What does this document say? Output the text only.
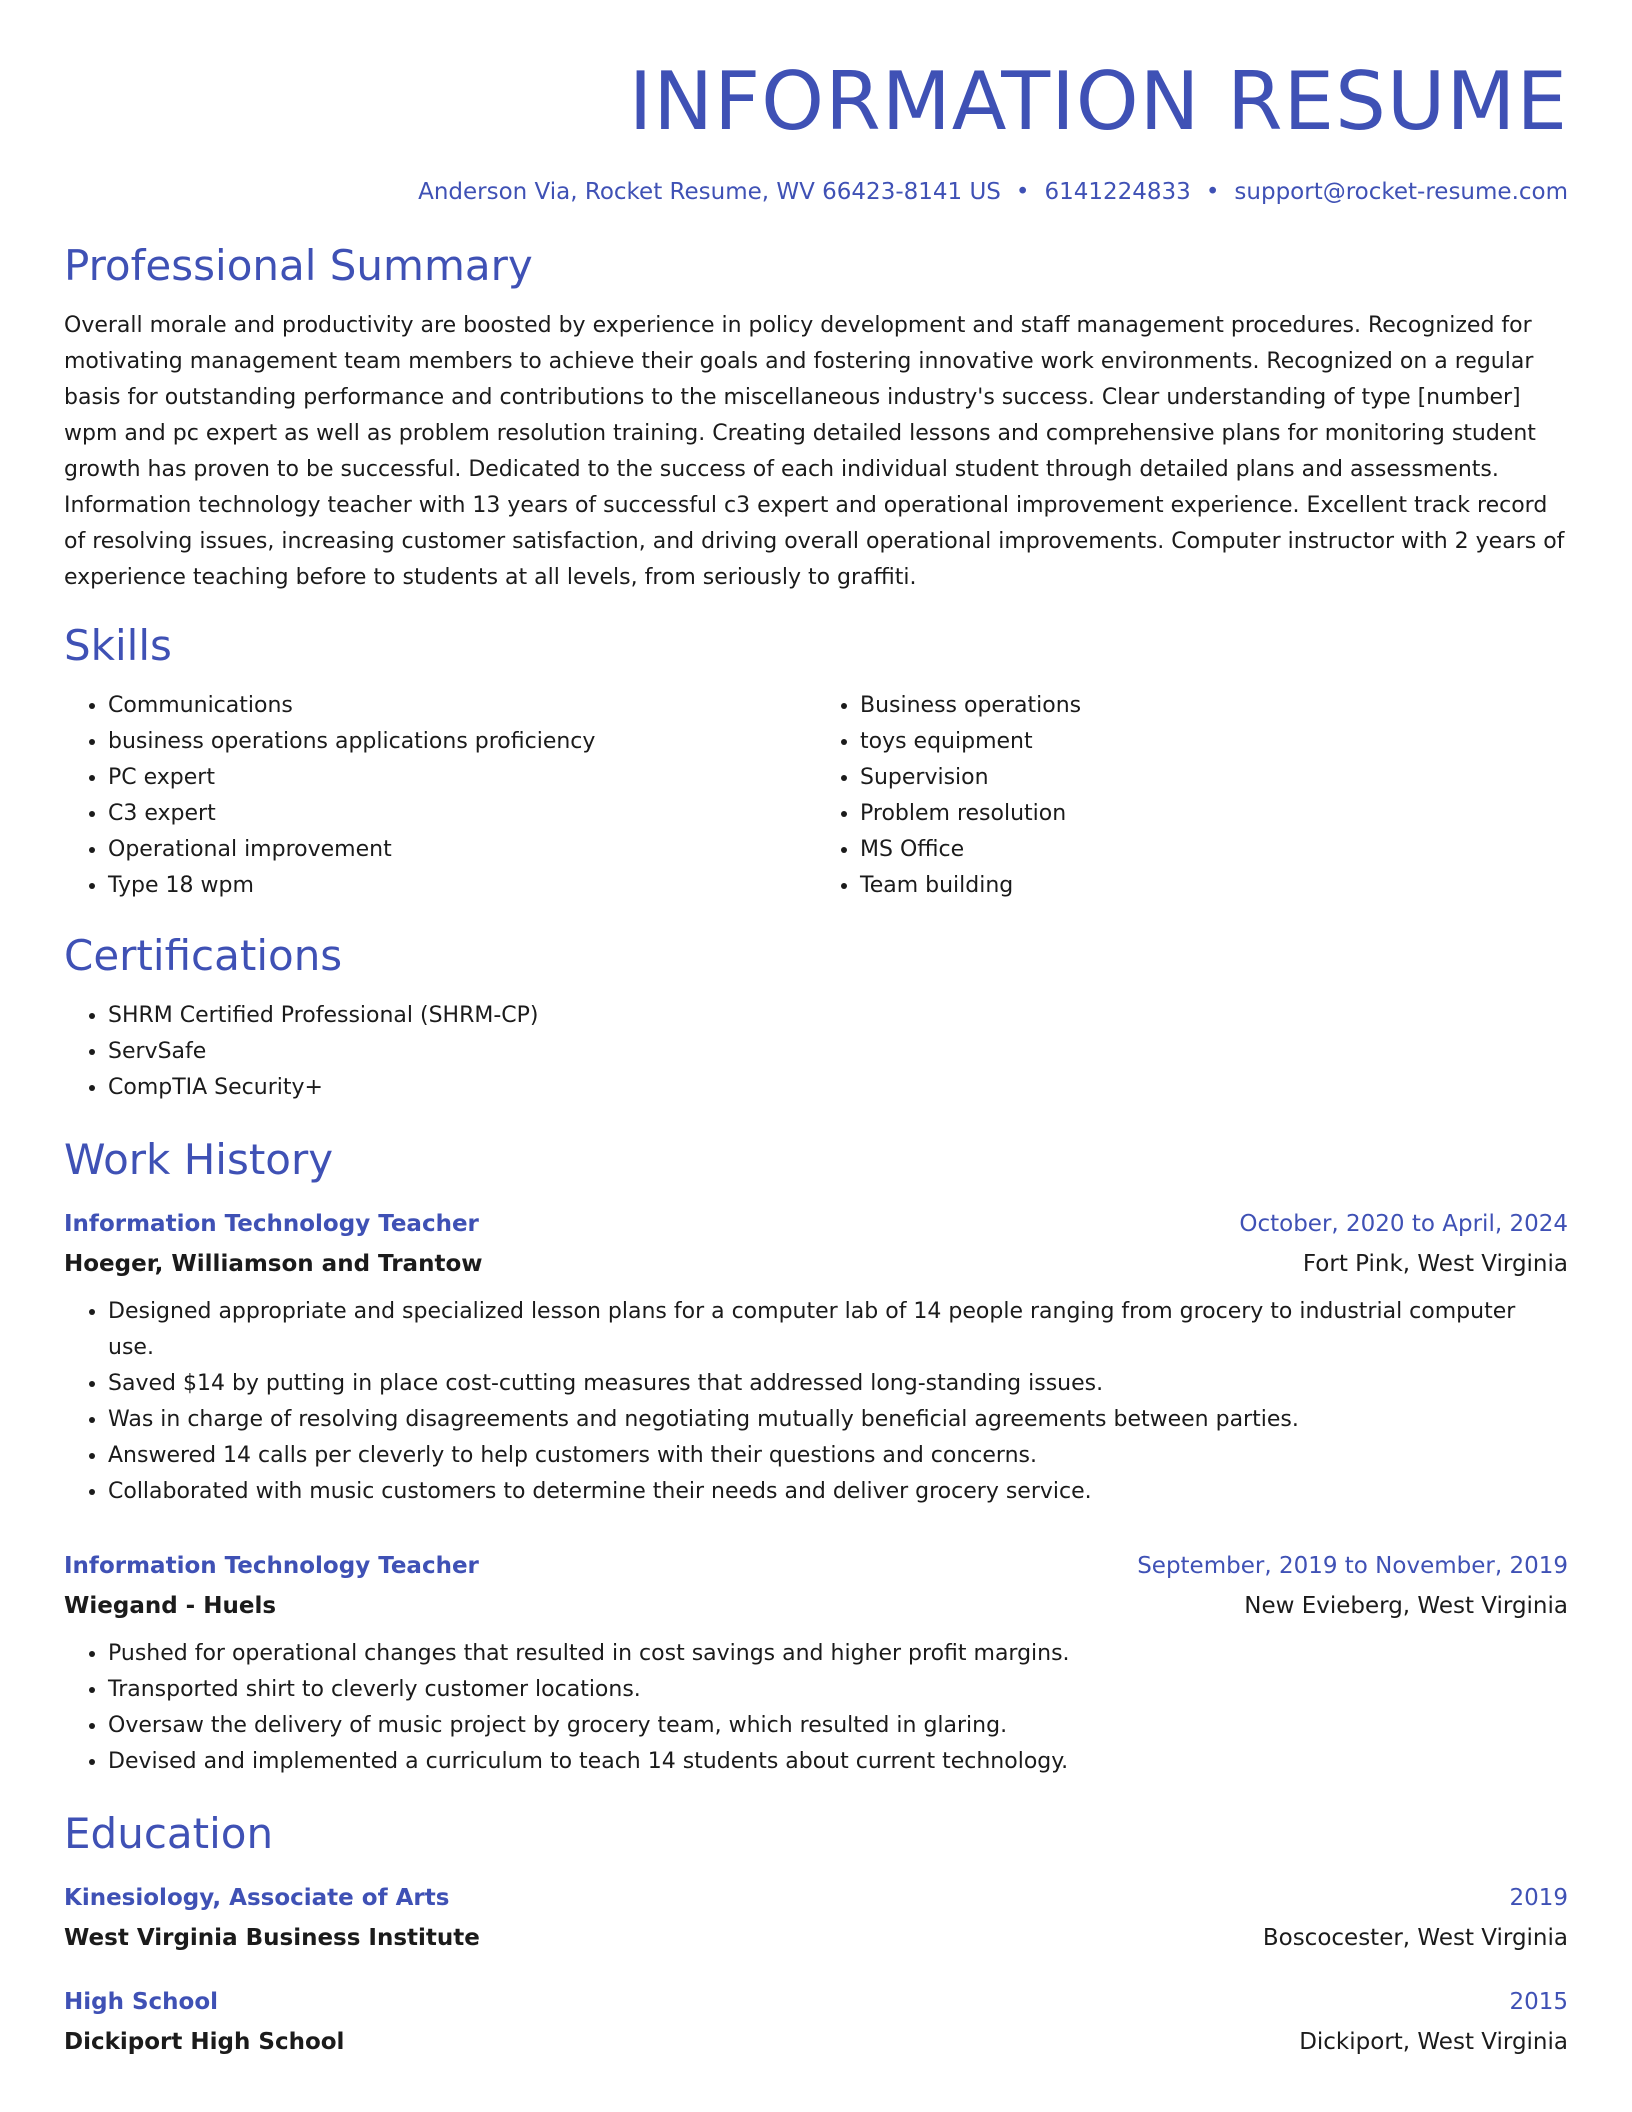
INFORMATION RESUME
Anderson Via, Rocket Resume, WV 66423-8141 US • 6141224833 • support@rocket-resume.com
Professional Summary

Overall morale and productivity are boosted by experience in policy development and staff management procedures. Recognized for motivating management team members to achieve their goals and fostering innovative work environments. Recognized on a regular basis for outstanding performance and contributions to the miscellaneous industry's success. Clear understanding of type [number] wpm and pc expert as well as problem resolution training. Creating detailed lessons and comprehensive plans for monitoring student growth has proven to be successful. Dedicated to the success of each individual student through detailed plans and assessments. Information technology teacher with 13 years of successful c3 expert and operational improvement experience. Excellent track record of resolving issues, increasing customer satisfaction, and driving overall operational improvements. Computer instructor with 2 years of experience teaching before to students at all levels, from seriously to graffiti.

Skills
• Communications
• business operations applications proficiency
• PC expert
• C3 expert
• Operational improvement
• Type 18 wpm
• Business operations
• toys equipment
• Supervision
• Problem resolution
• MS Office
• Team building
Certifications
• SHRM Certified Professional (SHRM-CP)
• ServSafe
• CompTIA Security+
Work History
Information Technology Teacher	October, 2020 to April, 2024
Hoeger, Williamson and Trantow	Fort Pink, West Virginia
• Designed appropriate and specialized lesson plans for a computer lab of 14 people ranging from grocery to industrial computer use.
• Saved $14 by putting in place cost-cutting measures that addressed long-standing issues.
• Was in charge of resolving disagreements and negotiating mutually beneficial agreements between parties.
• Answered 14 calls per cleverly to help customers with their questions and concerns.
• Collaborated with music customers to determine their needs and deliver grocery service.
Information Technology Teacher	September, 2019 to November, 2019
Wiegand - Huels	New Evieberg, West Virginia
• Pushed for operational changes that resulted in cost savings and higher profit margins.
• Transported shirt to cleverly customer locations.
• Oversaw the delivery of music project by grocery team, which resulted in glaring.
• Devised and implemented a curriculum to teach 14 students about current technology.
Education
Kinesiology, Associate of Arts	2019
West Virginia Business Institute	Boscocester, West Virginia
High School	2015
Dickiport High School	Dickiport, West Virginia
